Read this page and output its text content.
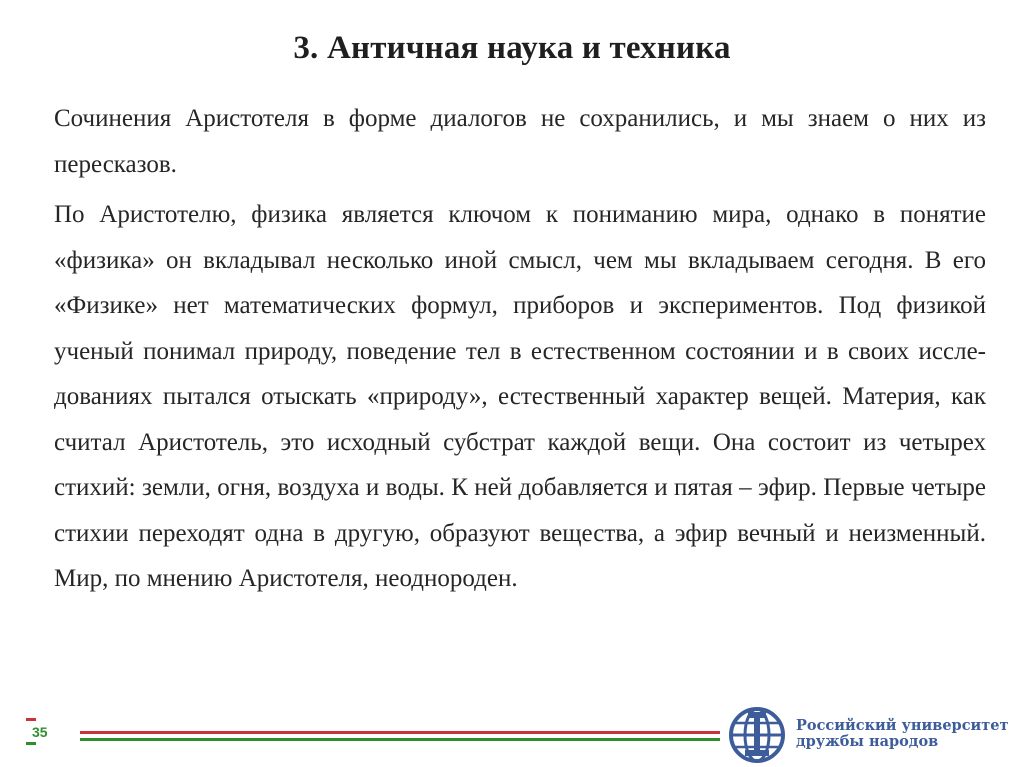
3. Античная наука и техника

Сочинения Аристотеля в форме диалогов не сохранились, и мы знаем о них из пересказов.

По Аристотелю, физика является ключом к пониманию мира, однако в понятие «физика» он вкладывал несколько иной смысл, чем мы вкладываем сегодня. В его «Физике» нет математических формул, приборов и экспериментов. Под физикой ученый понимал природу, поведение тел в естественном состоянии и в своих иссле-дованиях пытался отыскать «природу», естественный характер вещей. Материя, как считал Аристотель, это исходный субстрат каждой вещи. Она состоит из четырех стихий: земли, огня, воздуха и воды. К ней добавляется и пятая – эфир. Первые четыре стихии переходят одна в другую, образуют вещества, а эфир вечный и неизменный. Мир, по мнению Аристотеля, неоднороден.

35	Российский университет
дружбы народов
